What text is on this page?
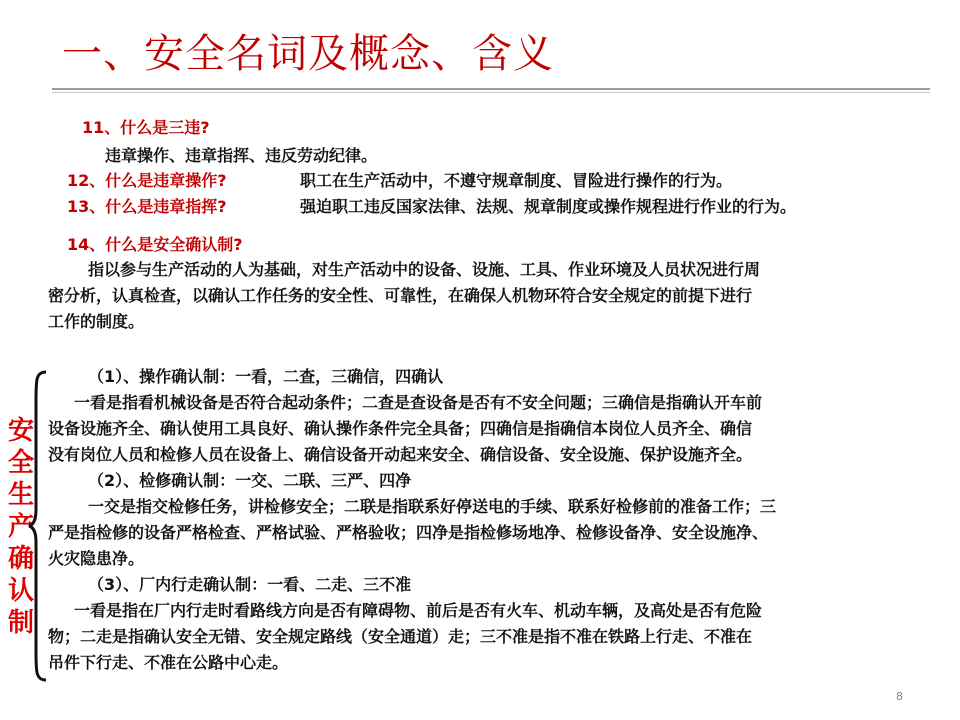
一、安全名词及概念、含义
11、什么是三违?
违章操作、违章指挥、违反劳动纪律。
12、什么是违章操作?	职工在生产活动中，不遵守规章制度、冒险进行操作的行为。
13、什么是违章指挥?	强迫职工违反国家法律、法规、规章制度或操作规程进行作业的行为。
14、什么是安全确认制?
指以参与生产活动的人为基础，对生产活动中的设备、设施、工具、作业环境及人员状况进行周
密分析，认真检查，以确认工作任务的安全性、可靠性，在确保人机物环符合安全规定的前提下进行
工作的制度。
安全生产确认制
（1）、操作确认制：一看，二查，三确信，四确认
一看是指看机械设备是否符合起动条件；二查是查设备是否有不安全问题；三确信是指确认开车前
设备设施齐全、确认使用工具良好、确认操作条件完全具备；四确信是指确信本岗位人员齐全、确信
没有岗位人员和检修人员在设备上、确信设备开动起来安全、确信设备、安全设施、保护设施齐全。
（2）、检修确认制：一交、二联、三严、四净
一交是指交检修任务，讲检修安全；二联是指联系好停送电的手续、联系好检修前的准备工作；三
严是指检修的设备严格检查、严格试验、严格验收；四净是指检修场地净、检修设备净、安全设施净、
火灾隐患净。
（3）、厂内行走确认制：一看、二走、三不准
一看是指在厂内行走时看路线方向是否有障碍物、前后是否有火车、机动车辆，及高处是否有危险
物；二走是指确认安全无错、安全规定路线（安全通道）走；三不准是指不准在铁路上行走、不准在
吊件下行走、不准在公路中心走。
8
